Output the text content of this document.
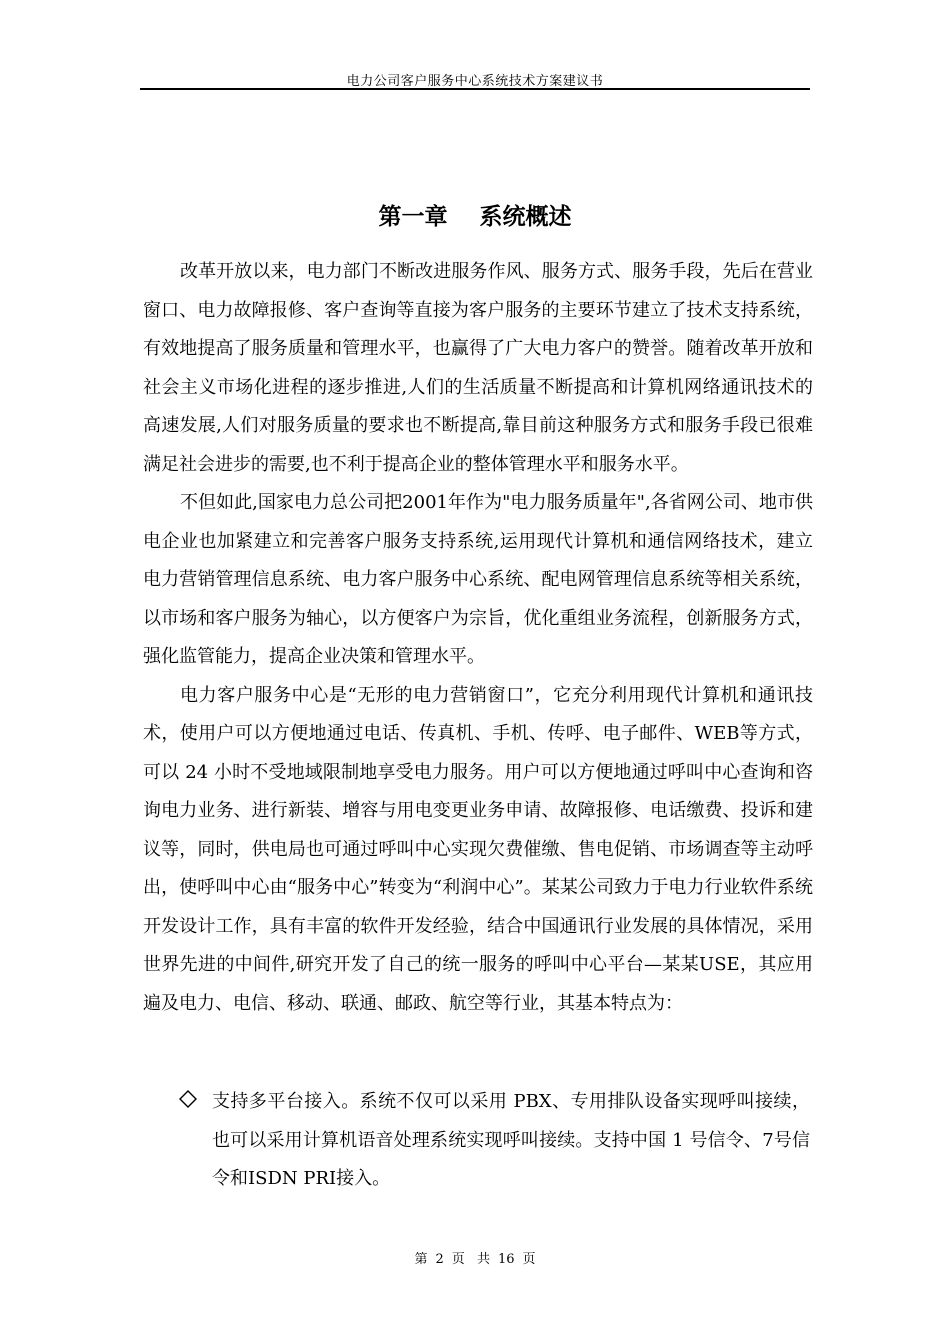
电力公司客户服务中心系统技术方案建议书
第一章    系统概述

改革开放以来，电力部门不断改进服务作风、服务方式、服务手段，先后在营业窗口、电力故障报修、客户查询等直接为客户服务的主要环节建立了技术支持系统，有效地提高了服务质量和管理水平，也赢得了广大电力客户的赞誉。随着改革开放和社会主义市场化进程的逐步推进,人们的生活质量不断提高和计算机网络通讯技术的高速发展,人们对服务质量的要求也不断提高,靠目前这种服务方式和服务手段已很难满足社会进步的需要,也不利于提高企业的整体管理水平和服务水平。

不但如此,国家电力总公司把2001年作为"电力服务质量年",各省网公司、地市供电企业也加紧建立和完善客户服务支持系统,运用现代计算机和通信网络技术，建立电力营销管理信息系统、电力客户服务中心系统、配电网管理信息系统等相关系统，以市场和客户服务为轴心，以方便客户为宗旨，优化重组业务流程，创新服务方式，强化监管能力，提高企业决策和管理水平。

电力客户服务中心是“无形的电力营销窗口”，它充分利用现代计算机和通讯技术，使用户可以方便地通过电话、传真机、手机、传呼、电子邮件、WEB等方式，可以 24 小时不受地域限制地享受电力服务。用户可以方便地通过呼叫中心查询和咨询电力业务、进行新装、增容与用电变更业务申请、故障报修、电话缴费、投诉和建议等，同时，供电局也可通过呼叫中心实现欠费催缴、售电促销、市场调查等主动呼出，使呼叫中心由“服务中心”转变为“利润中心”。某某公司致力于电力行业软件系统开发设计工作，具有丰富的软件开发经验，结合中国通讯行业发展的具体情况，采用世界先进的中间件,研究开发了自己的统一服务的呼叫中心平台—某某USE，其应用遍及电力、电信、移动、联通、邮政、航空等行业，其基本特点为：

支持多平台接入。系统不仅可以采用 PBX、专用排队设备实现呼叫接续，也可以采用计算机语音处理系统实现呼叫接续。支持中国 1 号信令、7号信令和ISDN PRI接入。
第 2 页 共 16 页
